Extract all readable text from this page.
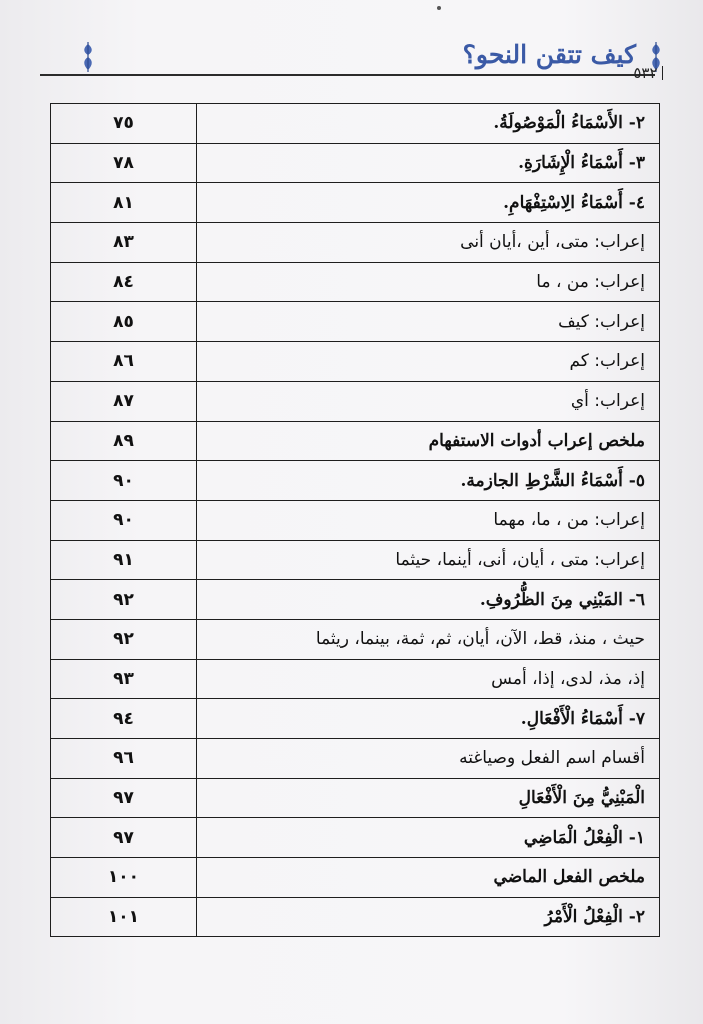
كيف تتقن النحو؟
٥٣٢
٢- الأَسْمَاءُ الْمَوْصُولَةُ.	٧٥
٣- أَسْمَاءُ الْإِشَارَةِ.	٧٨
٤- أَسْمَاءُ الِاسْتِفْهَامِ.	٨١
إعراب: متى، أين ،أيان أنى	٨٣
إعراب: من ، ما	٨٤
إعراب: كيف	٨٥
إعراب: كم	٨٦
إعراب: أي	٨٧
ملخص إعراب أدوات الاستفهام	٨٩
٥- أَسْمَاءُ الشَّرْطِ الجازمة.	٩٠
إعراب: من ، ما، مهما	٩٠
إعراب: متى ، أيان، أنى، أينما، حيثما	٩١
٦- المَبْنِي مِنَ الظُّرُوفِ.	٩٢
حيث ، منذ، قط، الآن، أيان، ثم، ثمة، بينما، ريثما	٩٢
إذ، مذ، لدى، إذا، أمس	٩٣
٧- أَسْمَاءُ الْأَفْعَالِ.	٩٤
أقسام اسم الفعل وصياغته	٩٦
الْمَبْنِيُّ مِنَ الْأَفْعَالِ	٩٧
١- الْفِعْلُ الْمَاضِي	٩٧
ملخص الفعل الماضي	١٠٠
٢- الْفِعْلُ الْأَمْرُ	١٠١
